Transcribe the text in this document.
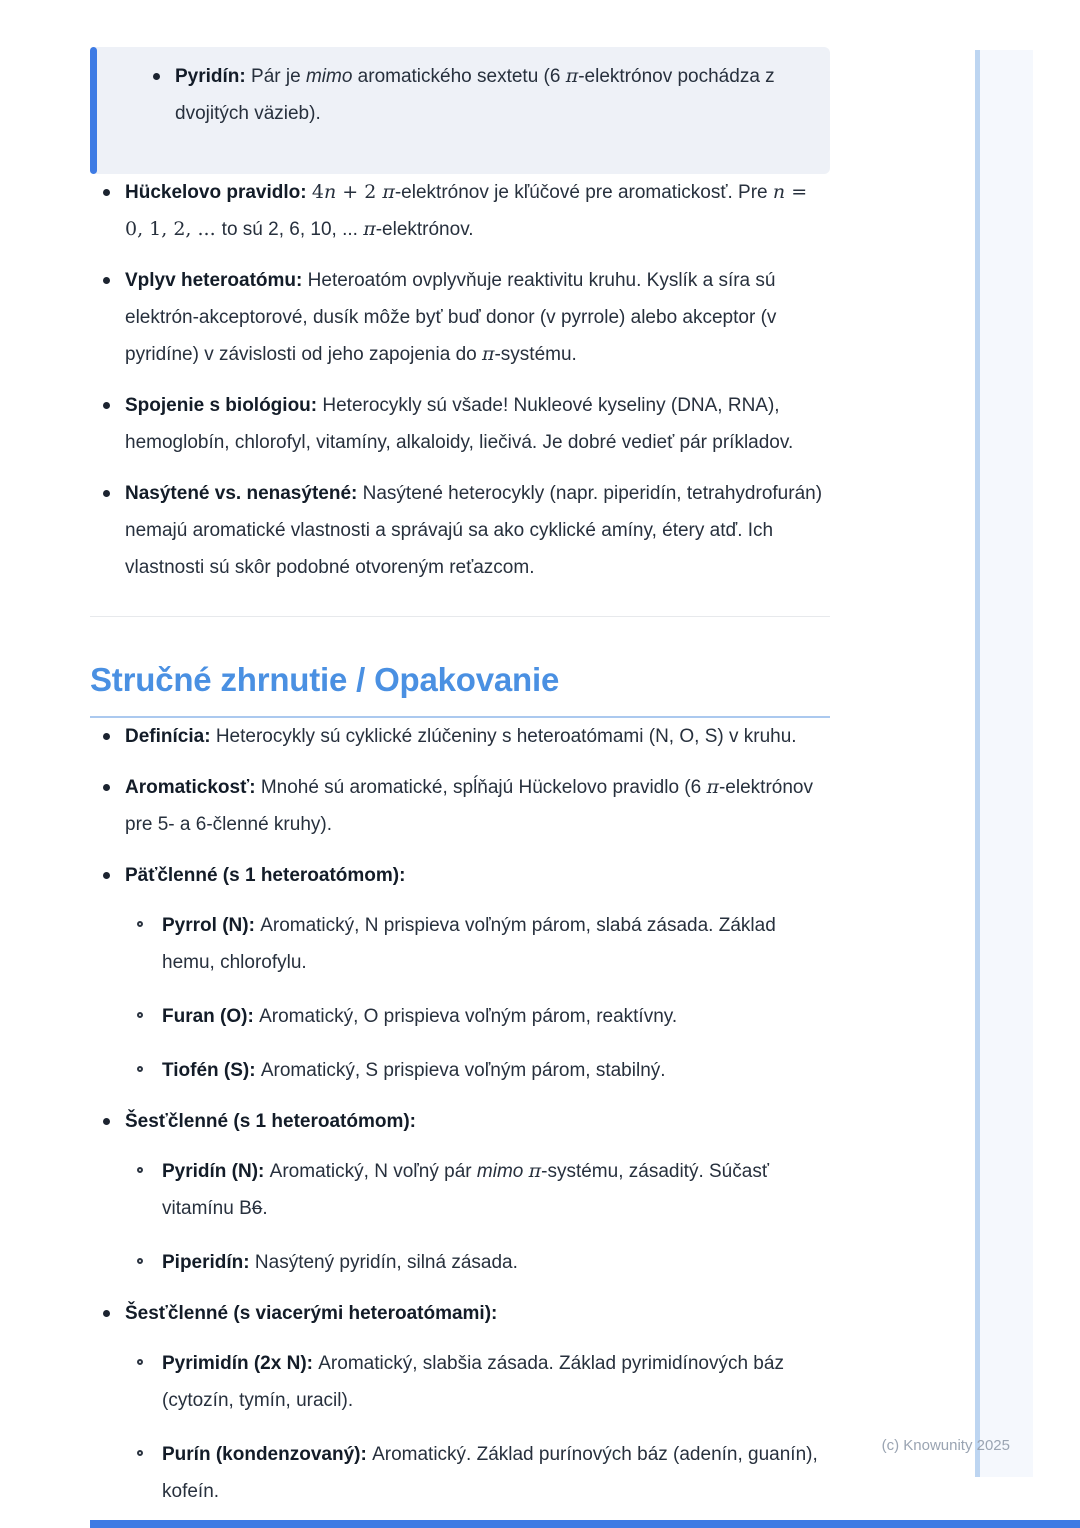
Pyridín: Pár je mimo aromatického sextetu (6 π-elektrónov pochádza z dvojitých väzieb).
Hückelovo pravidlo: 4n + 2 π-elektrónov je kľúčové pre aromatickosť. Pre n = 0, 1, 2, ... to sú 2, 6, 10, ... π-elektrónov.
Vplyv heteroatómu: Heteroatóm ovplyvňuje reaktivitu kruhu. Kyslík a síra sú elektrón-akceptorové, dusík môže byť buď donor (v pyrrole) alebo akceptor (v pyridíne) v závislosti od jeho zapojenia do π-systému.
Spojenie s biológiou: Heterocykly sú všade! Nukleové kyseliny (DNA, RNA), hemoglobín, chlorofyl, vitamíny, alkaloidy, liečivá. Je dobré vedieť pár príkladov.
Nasýtené vs. nenasýtené: Nasýtené heterocykly (napr. piperidín, tetrahydrofurán) nemajú aromatické vlastnosti a správajú sa ako cyklické amíny, étery atď. Ich vlastnosti sú skôr podobné otvoreným reťazcom.
Stručné zhrnutie / Opakovanie
Definícia: Heterocykly sú cyklické zlúčeniny s heteroatómami (N, O, S) v kruhu.
Aromatickosť: Mnohé sú aromatické, spĺňajú Hückelovo pravidlo (6 π-elektrónov pre 5- a 6-členné kruhy).
Päťčlenné (s 1 heteroatómom):
Pyrrol (N): Aromatický, N prispieva voľným párom, slabá zásada. Základ hemu, chlorofylu.
Furan (O): Aromatický, O prispieva voľným párom, reaktívny.
Tiofén (S): Aromatický, S prispieva voľným párom, stabilný.
Šesťčlenné (s 1 heteroatómom):
Pyridín (N): Aromatický, N voľný pár mimo π-systému, zásaditý. Súčasť vitamínu B6.
Piperidín: Nasýtený pyridín, silná zásada.
Šesťčlenné (s viacerými heteroatómami):
Pyrimidín (2x N): Aromatický, slabšia zásada. Základ pyrimidínových báz (cytozín, tymín, uracil).
Purín (kondenzovaný): Aromatický. Základ purínových báz (adenín, guanín), kofeín.
(c) Knowunity 2025
